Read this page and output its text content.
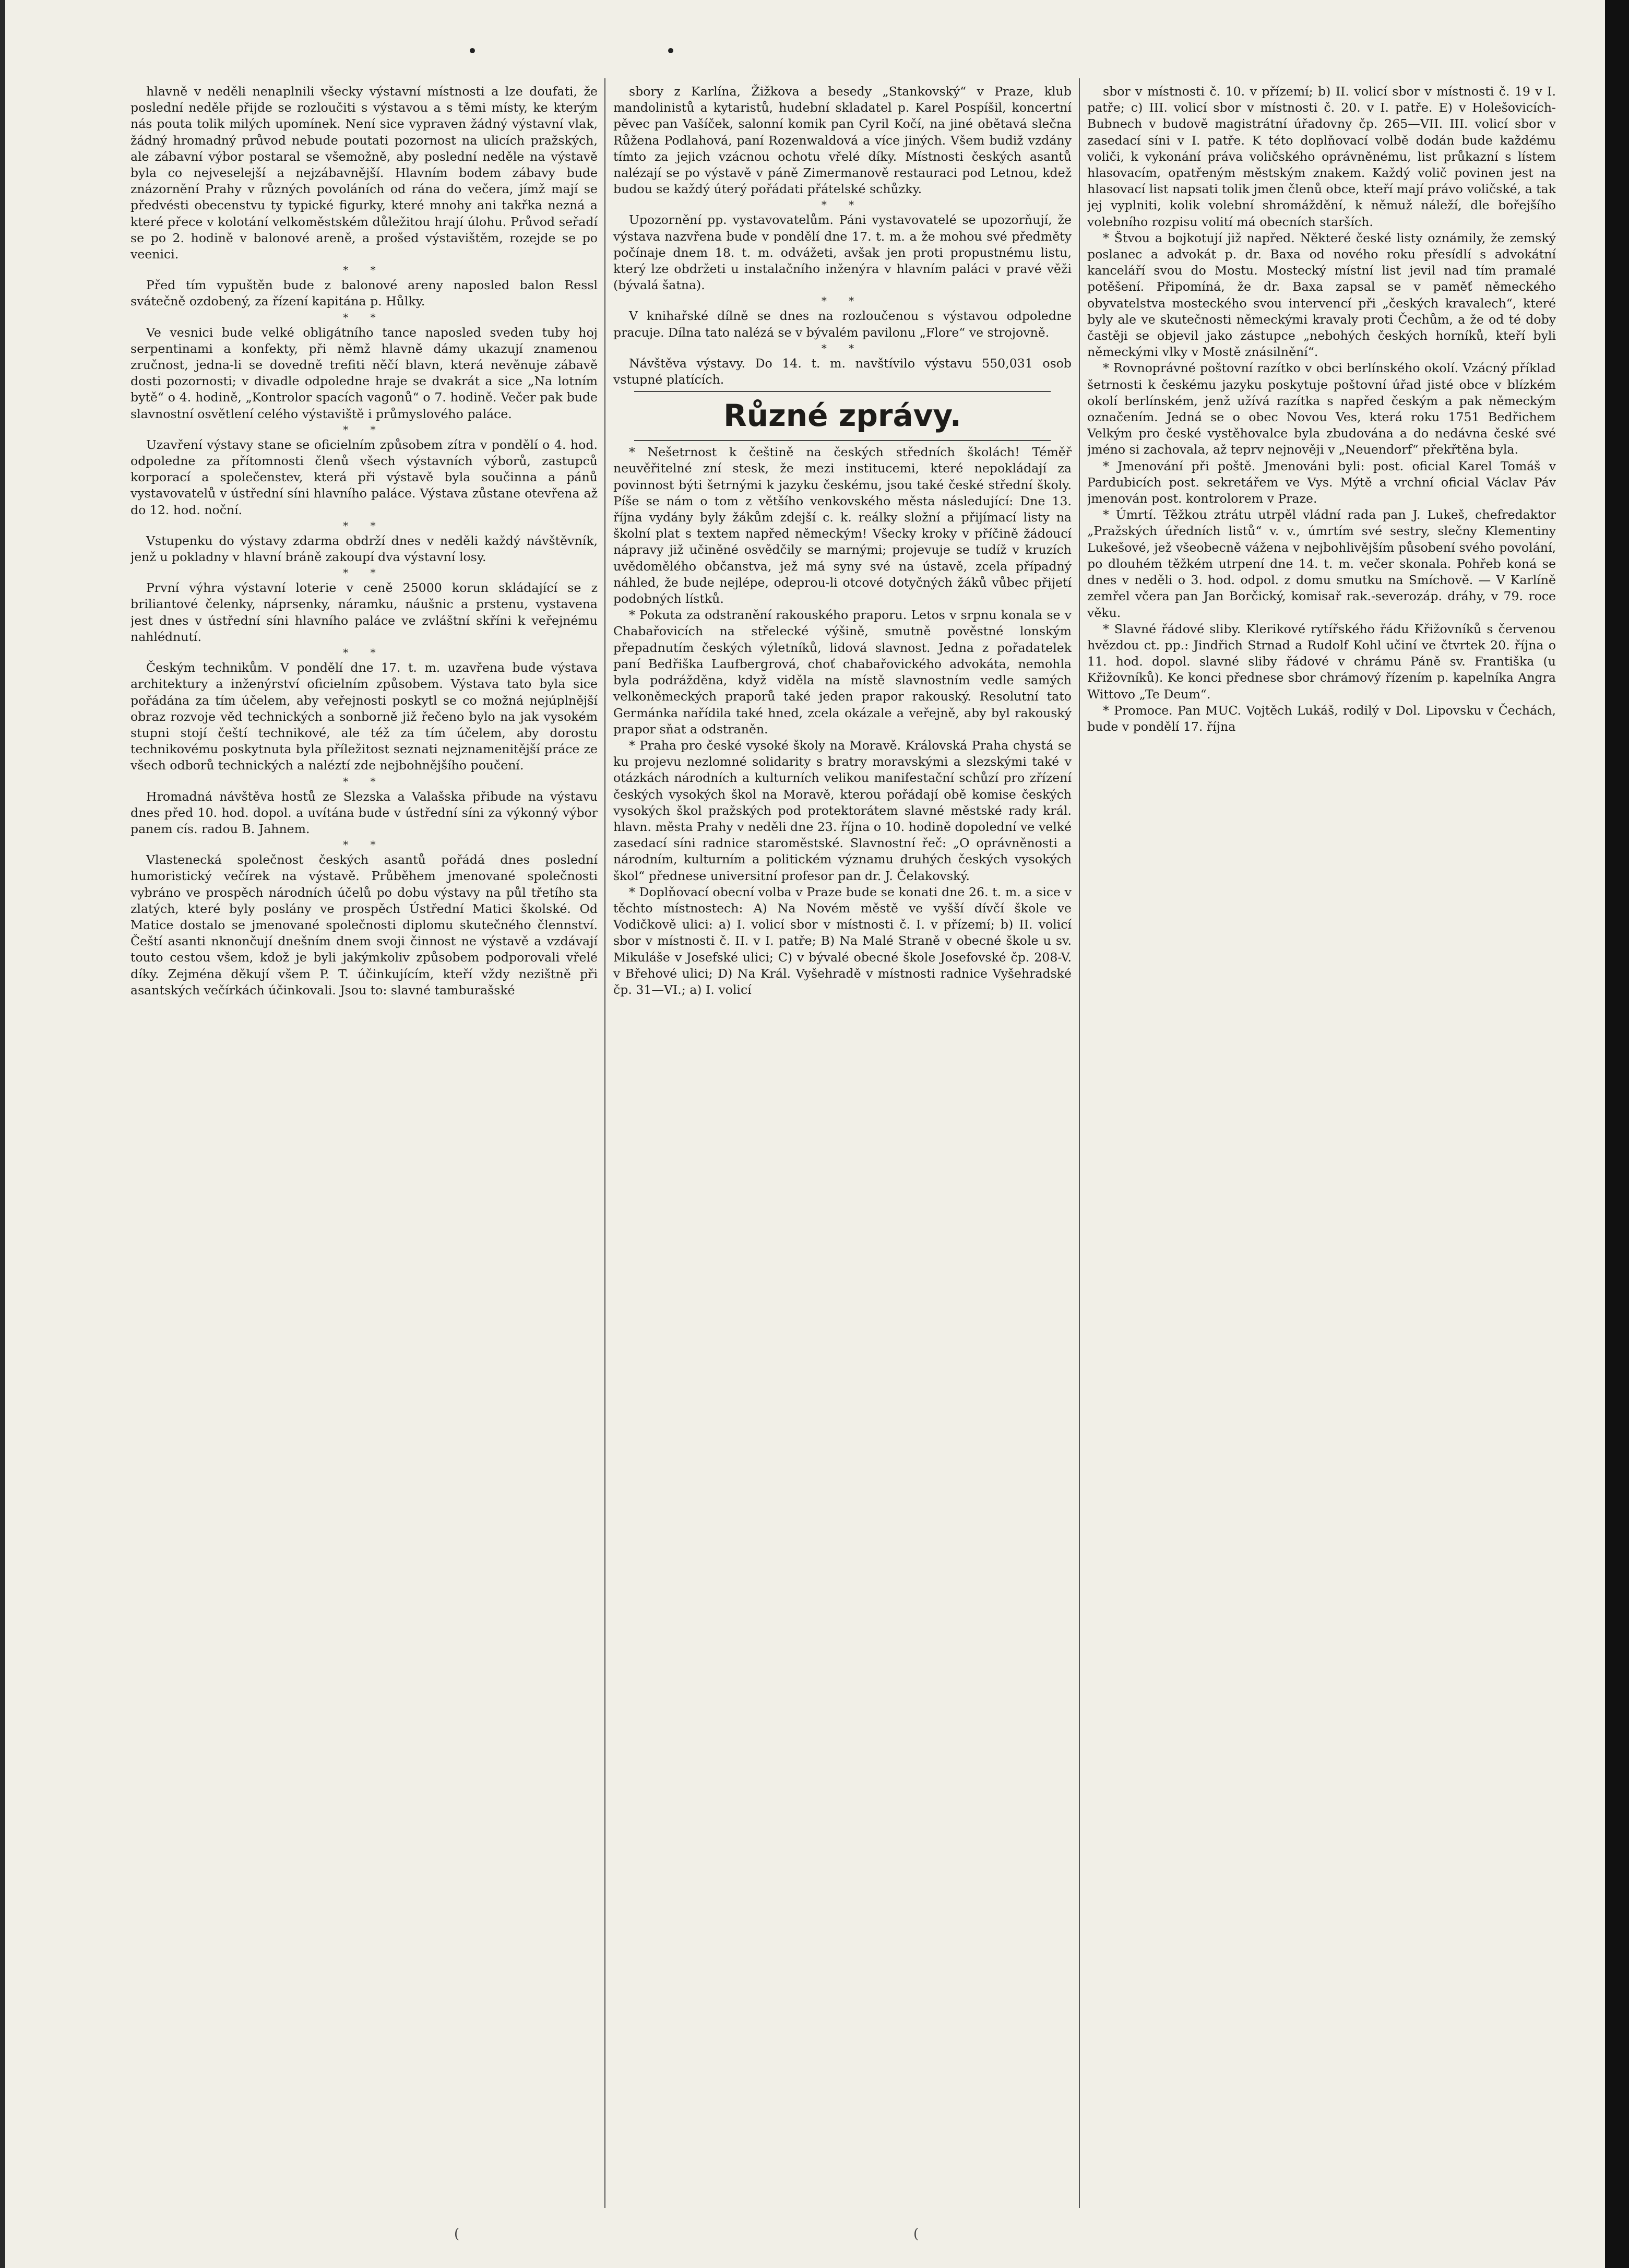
hlavně v neděli nenaplnili všecky výstavní místnosti a lze doufati, že poslední neděle přijde se rozloučiti s výstavou a s těmi místy, ke kterým nás pouta tolik milých upomínek. Není sice vypraven žádný výstavní vlak, žádný hromadný průvod nebude poutati pozornost na ulicích pražských, ale zábavní výbor postaral se všemožně, aby poslední neděle na výstavě byla co nejveselejší a nejzábavnější. Hlavním bodem zábavy bude znázornění Prahy v různých povoláních od rána do večera, jímž mají se předvésti obecenstvu ty typické figurky, které mnohy ani takřka nezná a které přece v kolotání velkoměstském důležitou hrají úlohu. Průvod seřadí se po 2. hodině v balonové areně, a prošed výstavištěm, rozejde se po veenici.

* *

Před tím vypuštěn bude z balonové areny naposled balon Ressl svátečně ozdobený, za řízení kapitána p. Hůlky.

* *

Ve vesnici bude velké obligátního tance naposled sveden tuby hoj serpentinami a konfekty, při němž hlavně dámy ukazují znamenou zručnost, jedna-li se dovedně trefiti něčí blavn, která nevěnuje zábavě dosti pozornosti; v divadle odpoledne hraje se dvakrát a sice „Na lotním bytě“ o 4. hodině, „Kontrolor spacích vagonů“ o 7. hodině. Večer pak bude slavnostní osvětlení celého výstaviště i průmyslového paláce.

* *

Uzavření výstavy stane se oficielním způsobem zítra v pondělí o 4. hod. odpoledne za přítomnosti členů všech výstavních výborů, zastupců korporací a společenstev, která při výstavě byla součinna a pánů vystavovatelů v ústřední síni hlavního paláce. Výstava zůstane otevřena až do 12. hod. noční.

* *

Vstupenku do výstavy zdarma obdrží dnes v neděli každý návštěvník, jenž u pokladny v hlavní bráně zakoupí dva výstavní losy.

* *

První výhra výstavní loterie v ceně 25000 korun skládající se z briliantové čelenky, náprsenky, náramku, náušnic a prstenu, vystavena jest dnes v ústřední síni hlavního paláce ve zvláštní skříni k veřejnému nahlédnutí.

* *

Českým technikům. V pondělí dne 17. t. m. uzavřena bude výstava architektury a inženýrství oficielním způsobem. Výstava tato byla sice pořádána za tím účelem, aby veřejnosti poskytl se co možná nejúplnější obraz rozvoje věd technických a sonborně již řečeno bylo na jak vysokém stupni stojí čeští technikové, ale též za tím účelem, aby dorostu technikovému poskytnuta byla příležitost seznati nejznamenitější práce ze všech odborů technických a naléztí zde nejbohnějšího poučení.

* *

Hromadná návštěva hostů ze Slezska a Valašska přibude na výstavu dnes před 10. hod. dopol. a uvítána bude v ústřední síni za výkonný výbor panem cís. radou B. Jahnem.

* *

Vlastenecká společnost českých asantů pořádá dnes poslední humoristický večírek na výstavě. Průběhem jmenované společnosti vybráno ve prospěch národních účelů po dobu výstavy na půl třetího sta zlatých, které byly poslány ve prospěch Ústřední Matici školské. Od Matice dostalo se jmenované společnosti diplomu skutečného člennství. Čeští asanti nknončují dnešním dnem svoji činnost ne výstavě a vzdávají touto cestou všem, kdož je byli jakýmkoliv způsobem podporovali vřelé díky. Zejména děkují všem P. T. účinkujícím, kteří vždy nezištně při asantských večírkách účinkovali. Jsou to: slavné tamburašské

sbory z Karlína, Žižkova a besedy „Stankovský“ v Praze, klub mandolinistů a kytaristů, hudební skladatel p. Karel Pospíšil, koncertní pěvec pan Vašíček, salonní komik pan Cyril Kočí, na jiné obětavá slečna Růžena Podlahová, paní Rozenwaldová a více jiných. Všem budiž vzdány tímto za jejich vzácnou ochotu vřelé díky. Místnosti českých asantů nalézají se po výstavě v páně Zimermanově restauraci pod Letnou, kdež budou se každý úterý pořádati přátelské schůzky.

* *

Upozornění pp. vystavovatelům. Páni vystavovatelé se upozorňují, že výstava nazvřena bude v pondělí dne 17. t. m. a že mohou své předměty počínaje dnem 18. t. m. odvážeti, avšak jen proti propustnému listu, který lze obdržeti u instalačního inženýra v hlavním paláci v pravé věži (bývalá šatna).

* *

V knihařské dílně se dnes na rozloučenou s výstavou odpoledne pracuje. Dílna tato nalézá se v bývalém pavilonu „Flore“ ve strojovně.

* *

Návštěva výstavy. Do 14. t. m. navštívilo výstavu 550,031 osob vstupné platících.

Různé zprávy.

* Nešetrnost k češtině na českých středních školách! Téměř neuvěřitelné zní stesk, že mezi institucemi, které nepokládají za povinnost býti šetrnými k jazyku českému, jsou také české střední školy. Píše se nám o tom z většího venkovského města následující: Dne 13. října vydány byly žákům zdejší c. k. reálky složní a přijímací listy na školní plat s textem napřed německým! Všecky kroky v příčině žádoucí nápravy již učiněné osvědčily se marnými; projevuje se tudíž v kruzích uvědomělého občanstva, jež má syny své na ústavě, zcela případný náhled, že bude nejlépe, odeprou-li otcové dotyčných žáků vůbec přijetí podobných lístků.

* Pokuta za odstranění rakouského praporu. Letos v srpnu konala se v Chabařovicích na střelecké výšině, smutně pověstné lonským přepadnutím českých výletníků, lidová slavnost. Jedna z pořadatelek paní Bedřiška Laufbergrová, choť chabařovického advokáta, nemohla byla podrážděna, když viděla na místě slavnostním vedle samých velkoněmeckých praporů také jeden prapor rakouský. Resolutní tato Germánka nařídila také hned, zcela okázale a veřejně, aby byl rakouský prapor sňat a odstraněn.

* Praha pro české vysoké školy na Moravě. Královská Praha chystá se ku projevu nezlomné solidarity s bratry moravskými a slezskými také v otázkách národních a kulturních velikou manifestační schůzí pro zřízení českých vysokých škol na Moravě, kterou pořádají obě komise českých vysokých škol pražských pod protektorátem slavné městské rady král. hlavn. města Prahy v neděli dne 23. října o 10. hodině dopolední ve velké zasedací síni radnice staroměstské. Slavnostní řeč: „O oprávněnosti a národním, kulturním a politickém významu druhých českých vysokých škol“ přednese universitní profesor pan dr. J. Čelakovský.

* Doplňovací obecní volba v Praze bude se konati dne 26. t. m. a sice v těchto místnostech: A) Na Novém městě ve vyšší dívčí škole ve Vodičkově ulici: a) I. volicí sbor v místnosti č. I. v přízemí; b) II. volicí sbor v místnosti č. II. v I. patře; B) Na Malé Straně v obecné škole u sv. Mikuláše v Josefské ulici; C) v bývalé obecné škole Josefovské čp. 208-V. v Břehové ulici; D) Na Král. Vyšehradě v místnosti radnice Vyšehradské čp. 31—VI.; a) I. volicí

sbor v místnosti č. 10. v přízemí; b) II. volicí sbor v místnosti č. 19 v I. patře; c) III. volicí sbor v místnosti č. 20. v I. patře. E) v Holešovicích-Bubnech v budově magistrátní úřadovny čp. 265—VII. III. volicí sbor v zasedací síni v I. patře. K této doplňovací volbě dodán bude každému voliči, k vykonání práva voličského oprávněnému, list průkazní s lístem hlasovacím, opatřeným městským znakem. Každý volič povinen jest na hlasovací list napsati tolik jmen členů obce, kteří mají právo voličské, a tak jej vyplniti, kolik volební shromáždění, k němuž náleží, dle bořejšího volebního rozpisu volití má obecních starších.

* Štvou a bojkotují již napřed. Některé české listy oznámily, že zemský poslanec a advokát p. dr. Baxa od nového roku přesídlí s advokátní kanceláří svou do Mostu. Mostecký místní list jevil nad tím pramalé potěšení. Připomíná, že dr. Baxa zapsal se v paměť německého obyvatelstva mosteckého svou intervencí při „českých kravalech“, které byly ale ve skutečnosti německými kravaly proti Čechům, a že od té doby častěji se objevil jako zástupce „nebohých českých horníků, kteří byli německými vlky v Mostě znásilnění“.

* Rovnoprávné poštovní razítko v obci berlínského okolí. Vzácný příklad šetrnosti k českému jazyku poskytuje poštovní úřad jisté obce v blízkém okolí berlínském, jenž užívá razítka s napřed českým a pak německým označením. Jedná se o obec Novou Ves, která roku 1751 Bedřichem Velkým pro české vystěhovalce byla zbudována a do nedávna české své jméno si zachovala, až teprv nejnověji v „Neuendorf“ překřtěna byla.

* Jmenování při poště. Jmenováni byli: post. oficial Karel Tomáš v Pardubicích post. sekretářem ve Vys. Mýtě a vrchní oficial Václav Páv jmenován post. kontrolorem v Praze.

* Úmrtí. Těžkou ztrátu utrpěl vládní rada pan J. Lukeš, chefredaktor „Pražských úředních listů“ v. v., úmrtím své sestry, slečny Klementiny Lukešové, jež všeobecně vážena v nejbohlivějším působení svého povolání, po dlouhém těžkém utrpení dne 14. t. m. večer skonala. Pohřeb koná se dnes v neděli o 3. hod. odpol. z domu smutku na Smíchově. — V Karlíně zemřel včera pan Jan Borčický, komisař rak.-severozáp. dráhy, v 79. roce věku.

* Slavné řádové sliby. Klerikové rytířského řádu Křižovníků s červenou hvězdou ct. pp.: Jindřich Strnad a Rudolf Kohl učiní ve čtvrtek 20. října o 11. hod. dopol. slavné sliby řádové v chrámu Páně sv. Františka (u Křižovníků). Ke konci přednese sbor chrámový řízením p. kapelníka Angra Wittovo „Te Deum“.

* Promoce. Pan MUC. Vojtěch Lukáš, rodilý v Dol. Lipovsku v Čechách, bude v pondělí 17. října

(	(
